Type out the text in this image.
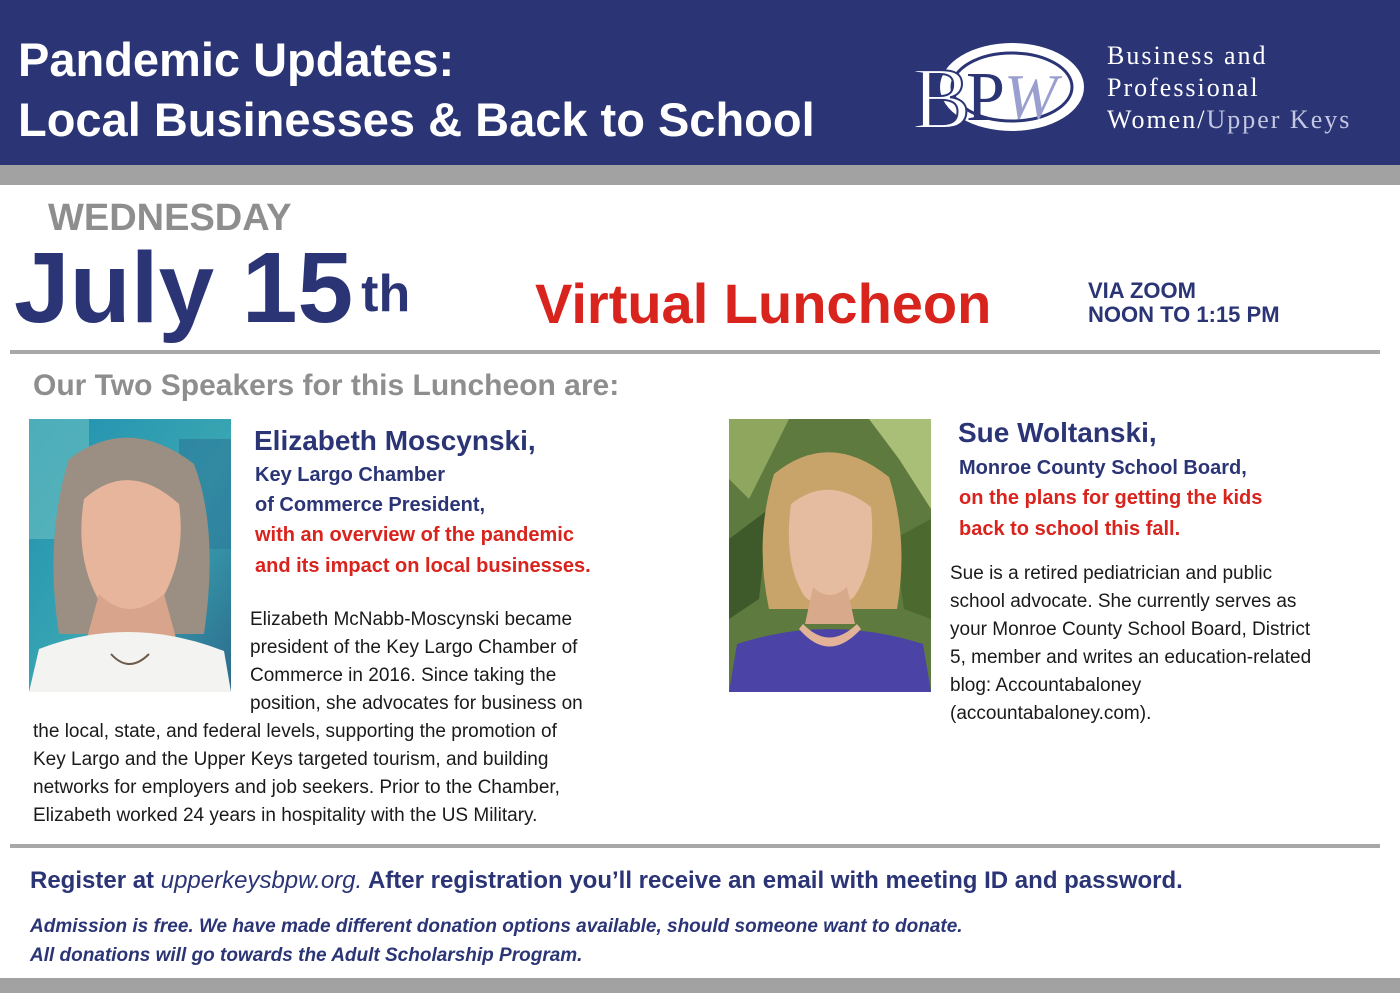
Pandemic Updates:
Local Businesses & Back to School B
P W
Business and
Professional
Women/Upper Keys
WEDNESDAY
July 15 $^{th}$ Virtual Luncheon	VIA ZOOM
NOON TO 1:15 PM
Our Two Speakers for this Luncheon are:
Elizabeth Moscynski,
Key Largo Chamber
of Commerce President,
with an overview of the pandemic
and its impact on local businesses.
Elizabeth McNabb-Moscynski became
president of the Key Largo Chamber of
Commerce in 2016. Since taking the
position, she advocates for business on
the local, state, and federal levels, supporting the promotion of
Key Largo and the Upper Keys targeted tourism, and building
networks for employers and job seekers. Prior to the Chamber,
Elizabeth worked 24 years in hospitality with the US Military.
Sue Woltanski,
Monroe County School Board,
on the plans for getting the kids
back to school this fall.
Sue is a retired pediatrician and public
school advocate. She currently serves as
your Monroe County School Board, District
5, member and writes an education-related
blog: Accountabaloney
(accountabaloney.com).
Register at upperkeysbpw.org. After registration you’ll receive an email with meeting ID and password.
Admission is free. We have made different donation options available, should someone want to donate.
All donations will go towards the Adult Scholarship Program.
